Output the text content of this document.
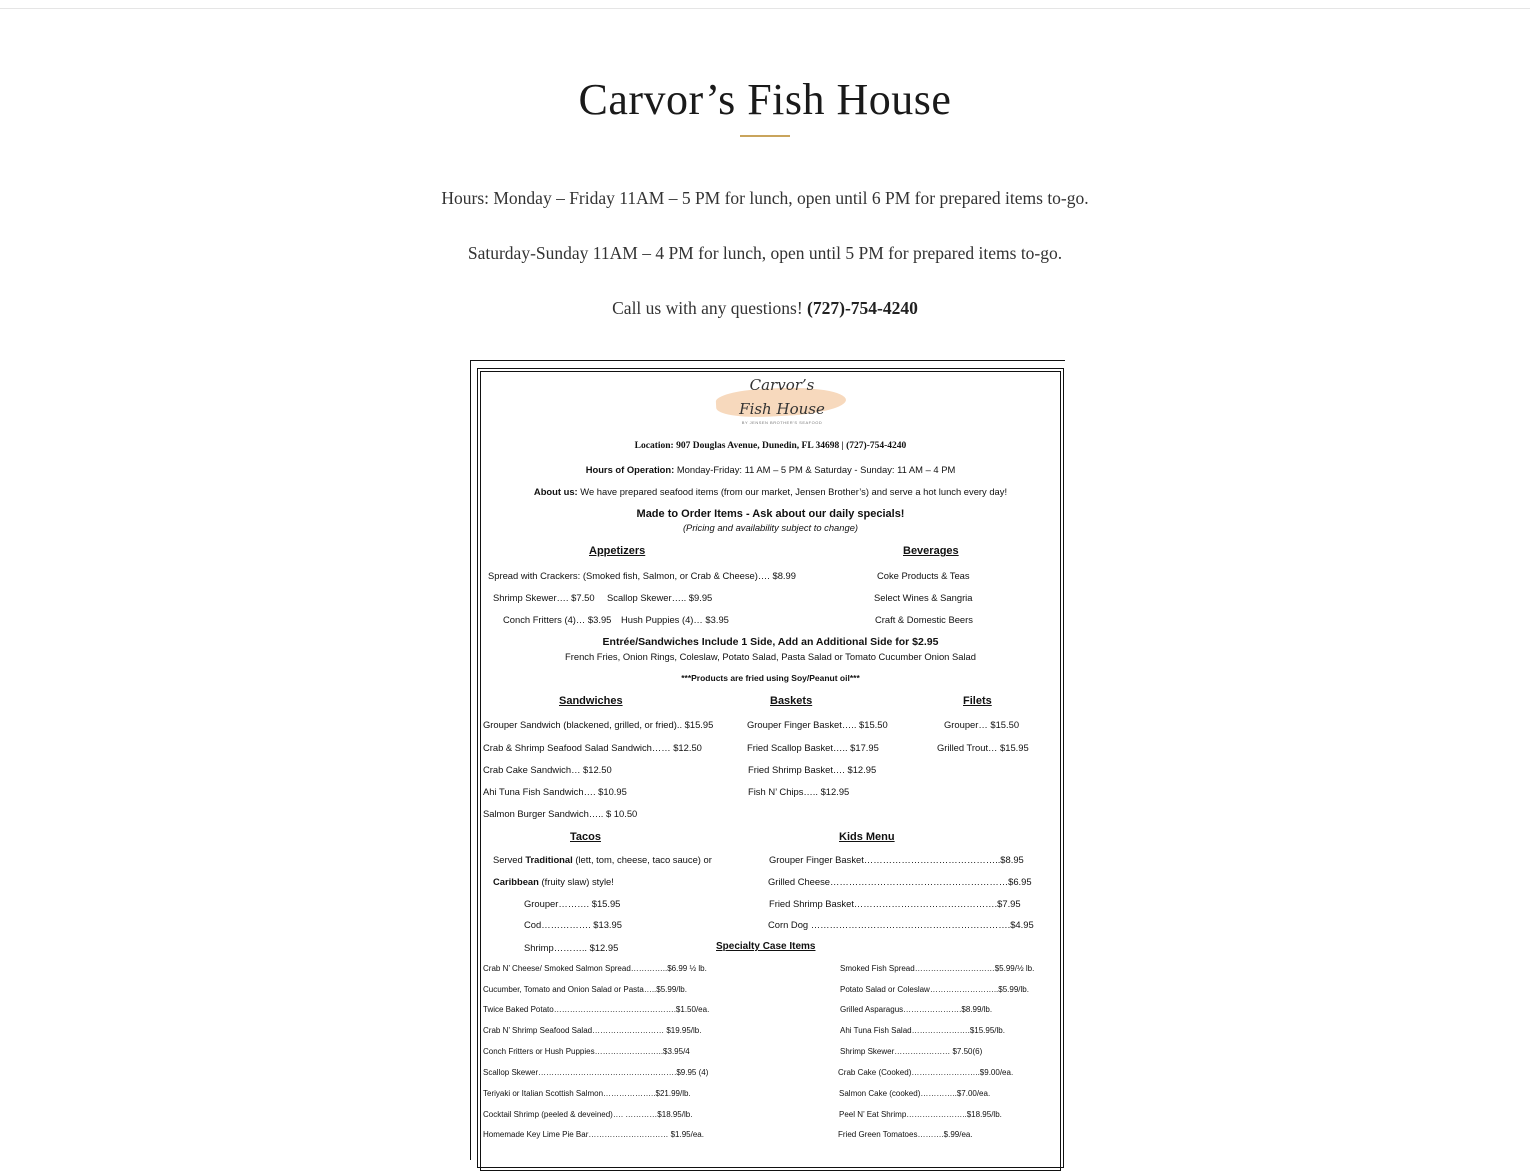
Carvor’s Fish House
Hours: Monday – Friday 11AM – 5 PM for lunch, open until 6 PM for prepared items to-go.
Saturday-Sunday 11AM – 4 PM for lunch, open until 5 PM for prepared items to-go.
Call us with any questions! (727)-754-4240
Carvor’s
Fish House
BY JENSEN BROTHER'S SEAFOOD
Location: 907 Douglas Avenue, Dunedin, FL 34698 | (727)-754-4240
Hours of Operation: Monday-Friday: 11 AM – 5 PM & Saturday - Sunday: 11 AM – 4 PM
About us: We have prepared seafood items (from our market, Jensen Brother’s) and serve a hot lunch every day!
Made to Order Items - Ask about our daily specials!
(Pricing and availability subject to change)
Appetizers
Spread with Crackers: (Smoked fish, Salmon, or Crab & Cheese)…. $8.99
Shrimp Skewer…. $7.50 Scallop Skewer….. $9.95
Conch Fritters (4)… $3.95 Hush Puppies (4)… $3.95
Beverages
Coke Products & Teas
Select Wines & Sangria
Craft & Domestic Beers
Entrée/Sandwiches Include 1 Side, Add an Additional Side for $2.95
French Fries, Onion Rings, Coleslaw, Potato Salad, Pasta Salad or Tomato Cucumber Onion Salad
***Products are fried using Soy/Peanut oil***
Sandwiches
Grouper Sandwich (blackened, grilled, or fried).. $15.95
Crab & Shrimp Seafood Salad Sandwich…… $12.50
Crab Cake Sandwich… $12.50
Ahi Tuna Fish Sandwich…. $10.95
Salmon Burger Sandwich….. $ 10.50
Baskets
Grouper Finger Basket….. $15.50
Fried Scallop Basket….. $17.95
Fried Shrimp Basket…. $12.95
Fish N’ Chips….. $12.95
Filets
Grouper… $15.50
Grilled Trout… $15.95
Tacos
Served Traditional (lett, tom, cheese, taco sauce) or
Caribbean (fruity slaw) style!
Grouper………. $15.95
Cod……………. $13.95
Shrimp……….. $12.95
Kids Menu
Grouper Finger Basket……………………………………..$8.95
Grilled Cheese…………………………………………………$6.95
Fried Shrimp Basket……………………………………….$7.95
Corn Dog ……………………………………………………….$4.95
Specialty Case Items
Crab N’ Cheese/ Smoked Salmon Spread…………..$6.99 ½ lb.
Cucumber, Tomato and Onion Salad or Pasta…..$5.99/lb.
Twice Baked Potato……………………………………….$1.50/ea.
Crab N’ Shrimp Seafood Salad……………………… $19.95/lb.
Conch Fritters or Hush Puppies……………………..$3.95/4
Scallop Skewer…………………………………………….$9.95 (4)
Teriyaki or Italian Scottish Salmon………………..$21.99/lb.
Cocktail Shrimp (peeled & deveined)…. …………$18.95/lb.
Homemade Key Lime Pie Bar………………………… $1.95/ea.
Smoked Fish Spread…………………………$5.99/½ lb.
Potato Salad or Coleslaw……………………..$5.99/lb.
Grilled Asparagus………………….$8.99/lb.
Ahi Tuna Fish Salad………………….$15.95/lb.
Shrimp Skewer………………… $7.50(6)
Crab Cake (Cooked)……………………..$9.00/ea.
Salmon Cake (cooked)…………..$7.00/ea.
Peel N’ Eat Shrimp…………………..$18.95/lb.
Fried Green Tomatoes……….$.99/ea.
